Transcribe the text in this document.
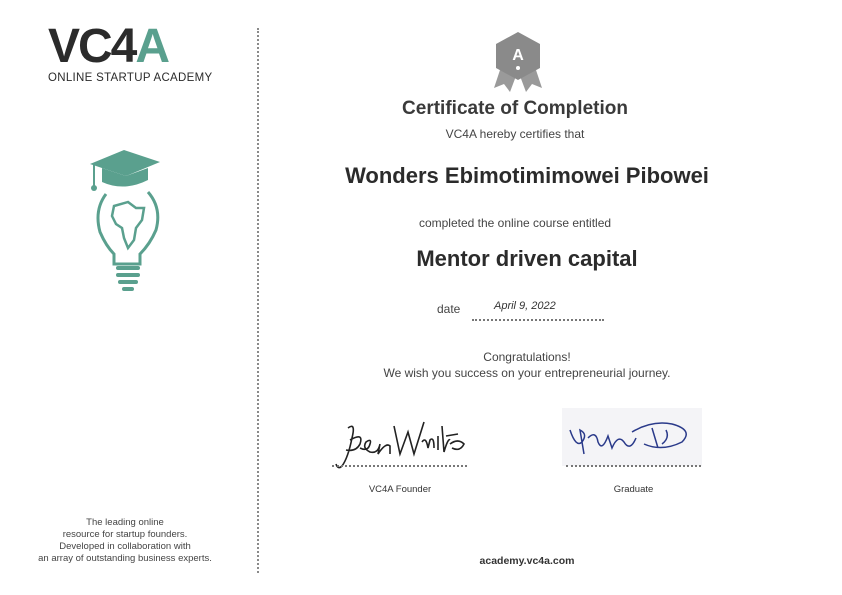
VC4A
ONLINE STARTUP ACADEMY
The leading online
resource for startup founders.
Developed in collaboration with
an array of outstanding business experts.
A
Certificate of Completion
VC4A hereby certifies that
Wonders Ebimotimimowei Pibowei
completed the online course entitled
Mentor driven capital
date	April 9, 2022
Congratulations!
We wish you success on your entrepreneurial journey.
VC4A Founder	Graduate
academy.vc4a.com
